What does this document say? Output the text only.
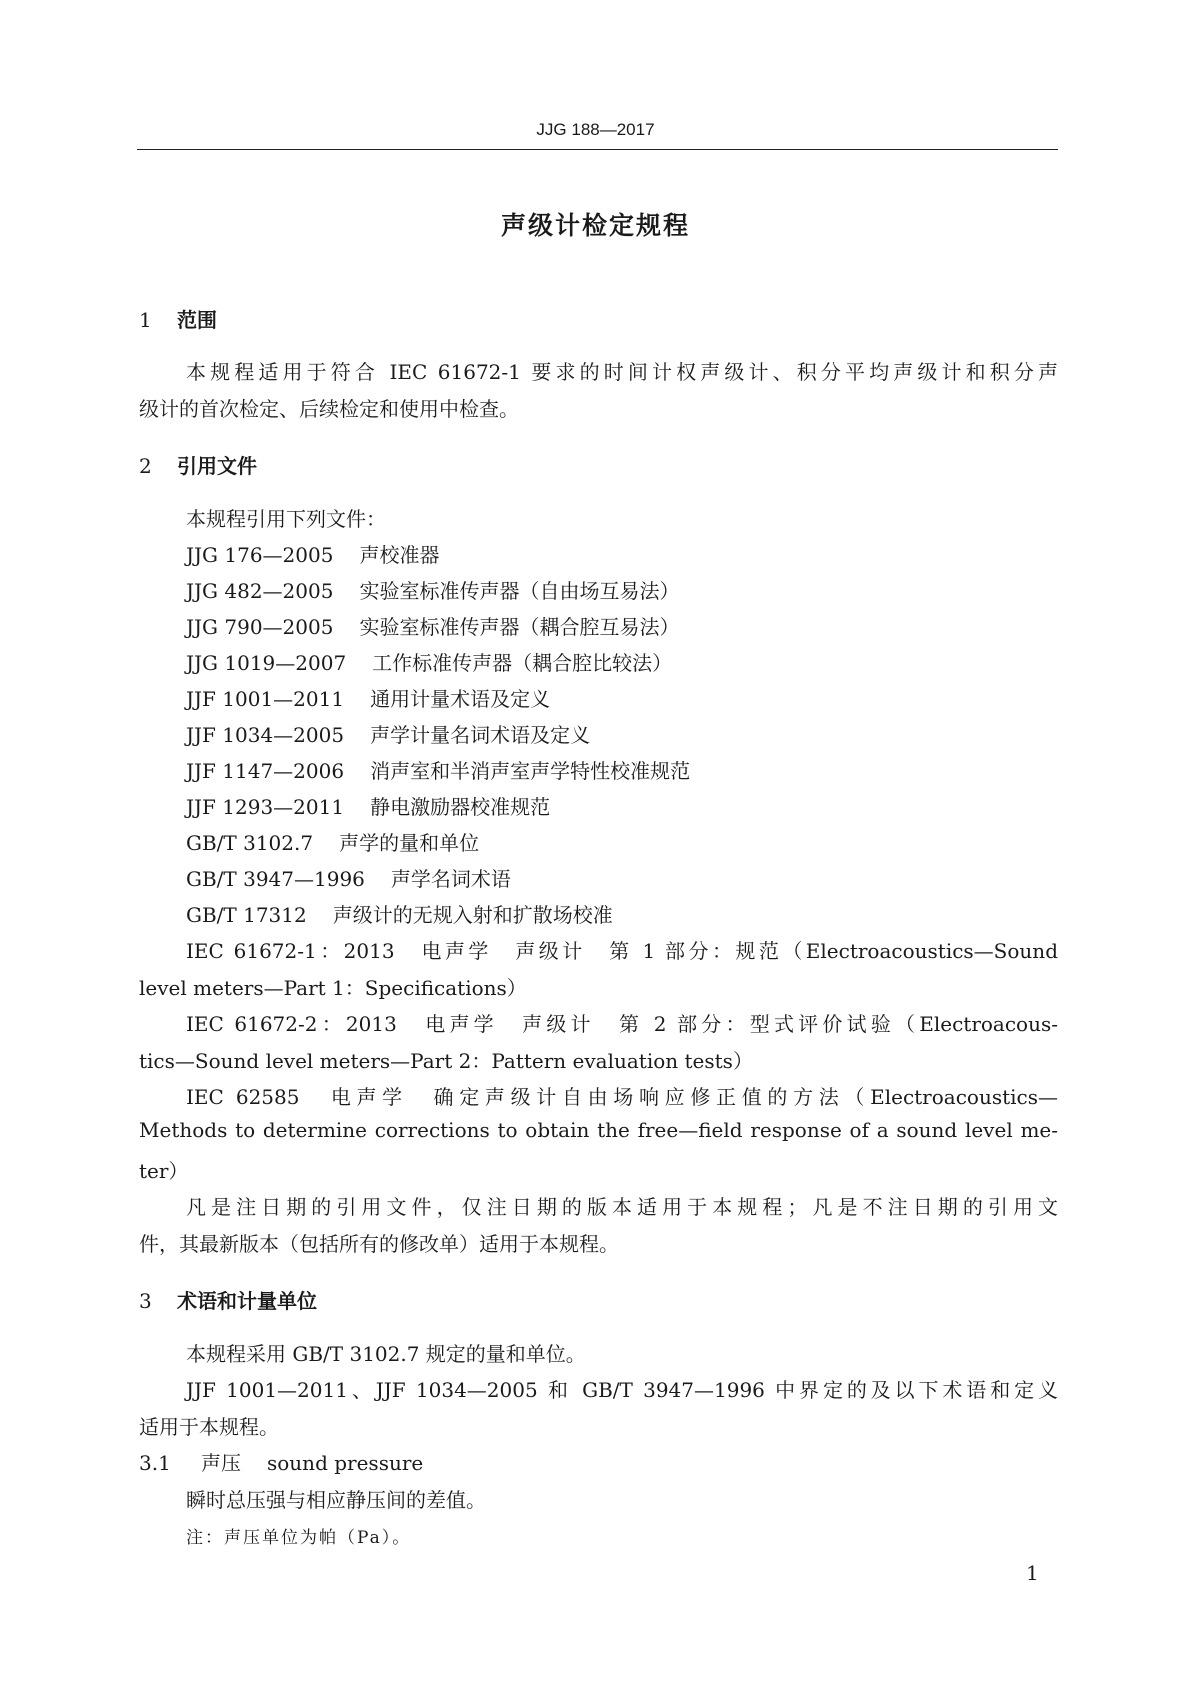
JJG 188—2017
声级计检定规程
1 范围
本规程适用于符合 IEC 61672-1 要求的时间计权声级计、积分平均声级计和积分声
级计的首次检定、后续检定和使用中检查。
2 引用文件
本规程引用下列文件：
JJG 176—2005 声校准器
JJG 482—2005 实验室标准传声器（自由场互易法）
JJG 790—2005 实验室标准传声器（耦合腔互易法）
JJG 1019—2007 工作标准传声器（耦合腔比较法）
JJF 1001—2011 通用计量术语及定义
JJF 1034—2005 声学计量名词术语及定义
JJF 1147—2006 消声室和半消声室声学特性校准规范
JJF 1293—2011 静电激励器校准规范
GB/T 3102.7 声学的量和单位
GB/T 3947—1996 声学名词术语
GB/T 17312 声级计的无规入射和扩散场校准
IEC 61672-1：2013　电声学　声级计　第 1 部分：规范（Electroacoustics—Sound
level meters—Part 1：Specifications）
IEC 61672-2：2013　电声学　声级计　第 2 部分：型式评价试验（Electroacous-
tics—Sound level meters—Part 2：Pattern evaluation tests）
IEC 62585　电声学　确定声级计自由场响应修正值的方法（Electroacoustics—
Methods to determine corrections to obtain the free—field response of a sound level me-
ter）
凡是注日期的引用文件，仅注日期的版本适用于本规程；凡是不注日期的引用文
件，其最新版本（包括所有的修改单）适用于本规程。
3 术语和计量单位
本规程采用 GB/T 3102.7 规定的量和单位。
JJF 1001—2011、JJF 1034—2005 和 GB/T 3947—1996 中界定的及以下术语和定义
适用于本规程。
3.1 声压 sound pressure
瞬时总压强与相应静压间的差值。
注：声压单位为帕（Pa）。
1
